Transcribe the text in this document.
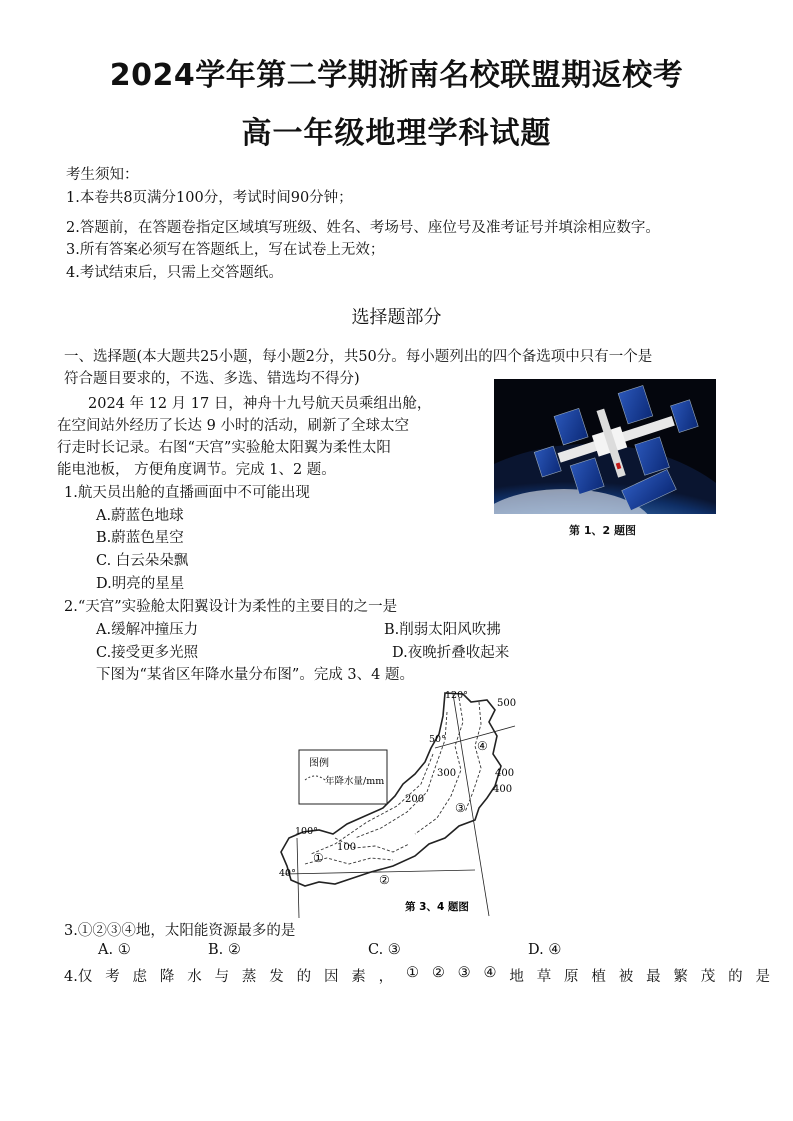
2024学年第二学期浙南名校联盟期返校考
高一年级地理学科试题
考生须知：
1.本卷共8页满分100分，考试时间90分钟；
2.答题前，在答题卷指定区域填写班级、姓名、考场号、座位号及准考证号并填涂相应数字。
3.所有答案必须写在答题纸上，写在试卷上无效；
4.考试结束后，只需上交答题纸。
选择题部分
一、选择题(本大题共25小题，每小题2分，共50分。每小题列出的四个备选项中只有一个是
符合题目要求的，不选、多选、错选均不得分)
2024 年 12 月 17 日，神舟十九号航天员乘组出舱，
在空间站外经历了长达 9 小时的活动，刷新了全球太空
行走时长记录。右图“天宫”实验舱太阳翼为柔性太阳
能电池板， 方便角度调节。完成 1、2 题。
第 1、2 题图
1.航天员出舱的直播画面中不可能出现
A.蔚蓝色地球
B.蔚蓝色星空
C. 白云朵朵飘
D.明亮的星星
2.“天宫”实验舱太阳翼设计为柔性的主要目的之一是
A.缓解冲撞压力	B.削弱太阳风吹拂
C.接受更多光照	D.夜晚折叠收起来
下图为“某省区年降水量分布图”。完成 3、4 题。
图例
年降水量/mm
120°
50°
100°
40°
500
400
400
300
200
100
①
②
③
④
第 3、4 题图
3.①②③④地，太阳能资源最多的是
A. ①	B. ②	C. ③	D. ④
4.仅 考 虑 降 水 与 蒸 发 的 因 素 ， ① ② ③ ④ 地 草 原 植 被 最 繁 茂 的 是
